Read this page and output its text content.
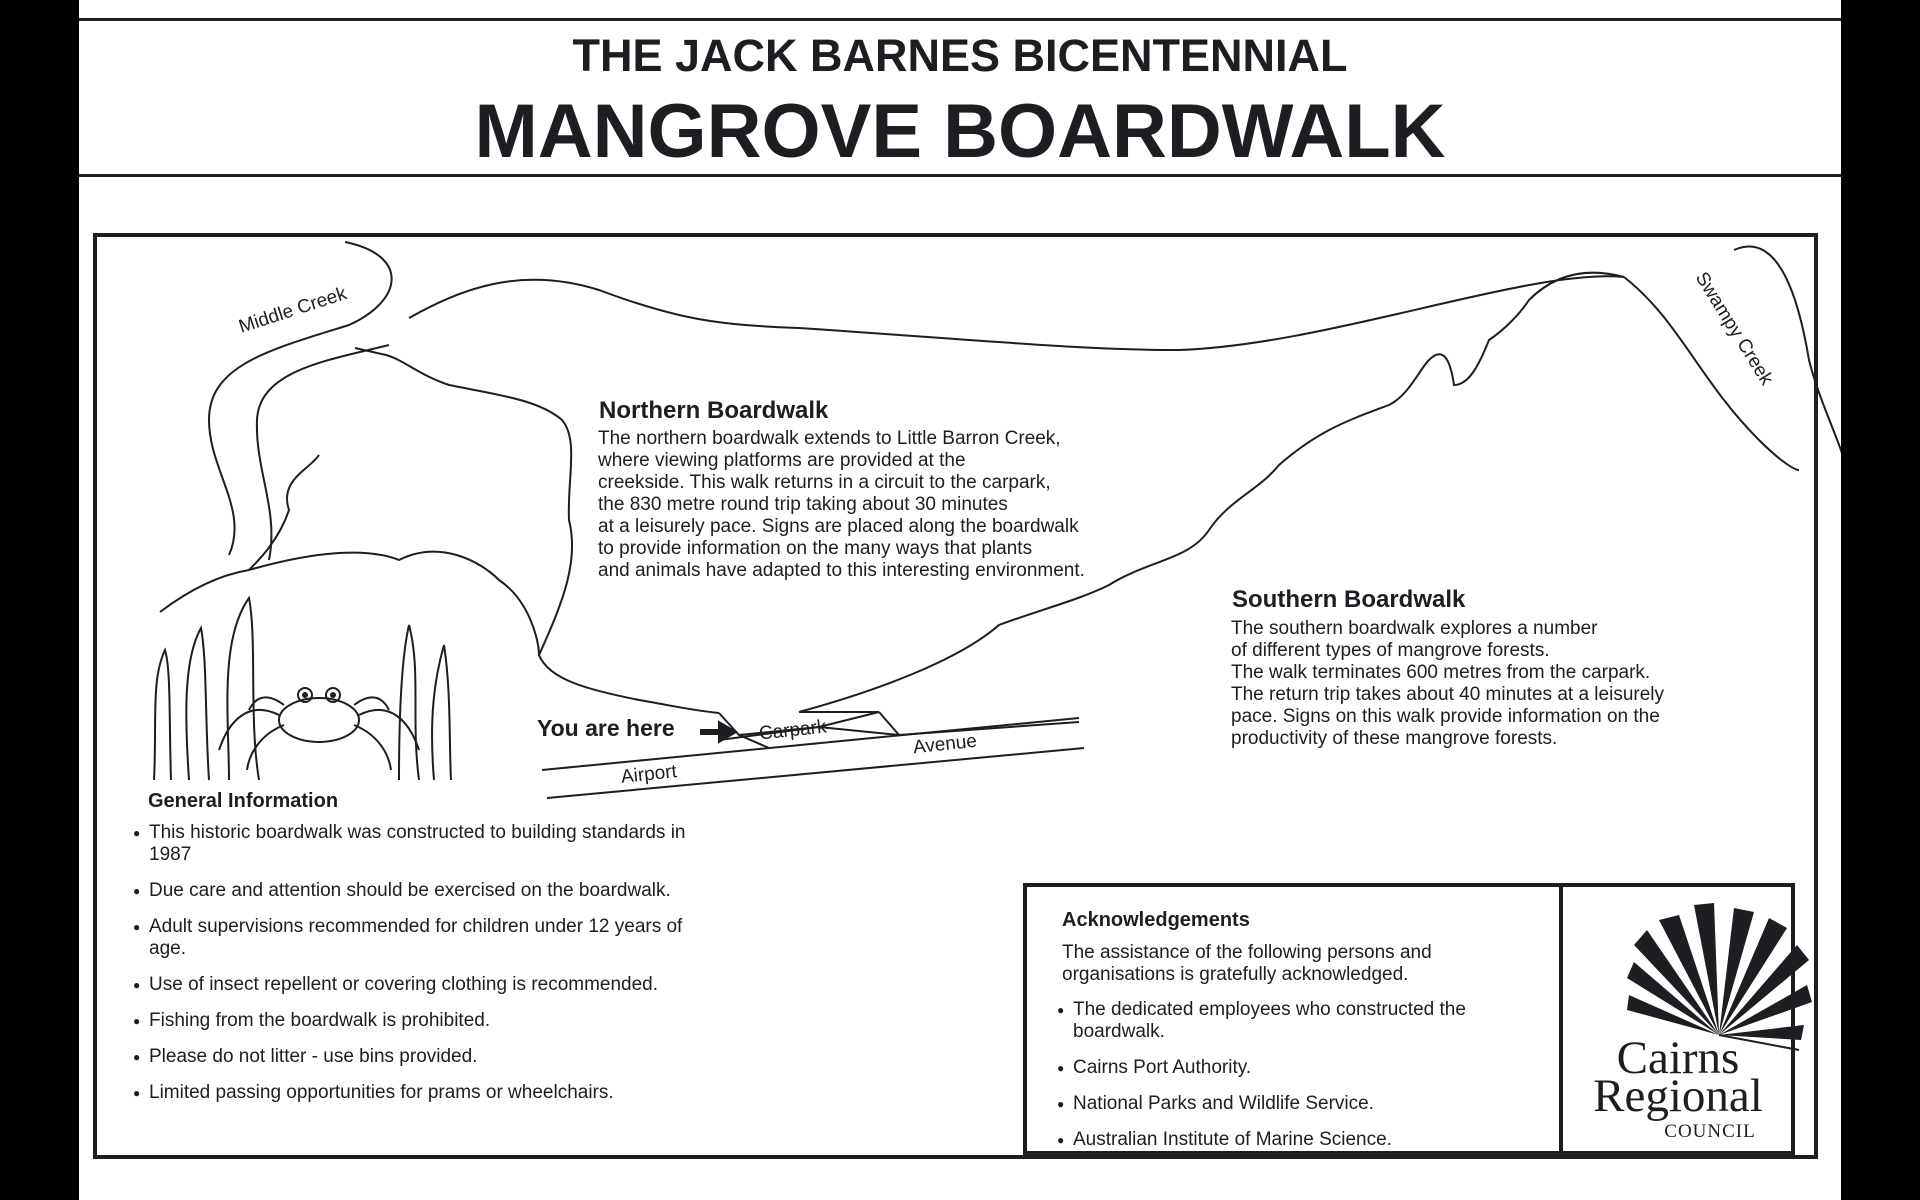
THE JACK BARNES BICENTENNIAL
MANGROVE BOARDWALK
Middle Creek	Swampy Creek
Carpark
Airport
Avenue
You are here
Northern Boardwalk
The northern boardwalk extends to Little Barron Creek,
where viewing platforms are provided at the
creekside. This walk returns in a circuit to the carpark,
the 830 metre round trip taking about 30 minutes
at a leisurely pace. Signs are placed along the boardwalk
to provide information on the many ways that plants
and animals have adapted to this interesting environment.
Southern Boardwalk
The southern boardwalk explores a number
of different types of mangrove forests.
The walk terminates 600 metres from the carpark.
The return trip takes about 40 minutes at a leisurely
pace. Signs on this walk provide information on the
productivity of these mangrove forests.
General Information
● This historic boardwalk was constructed to building standards in 1987
● Due care and attention should be exercised on the boardwalk.
● Adult supervisions recommended for children under 12 years of age.
● Use of insect repellent or covering clothing is recommended.
● Fishing from the boardwalk is prohibited.
● Please do not litter - use bins provided.
● Limited passing opportunities for prams or wheelchairs.
Acknowledgements
The assistance of the following persons and organisations is gratefully acknowledged.
● The dedicated employees who constructed the boardwalk.
● Cairns Port Authority.
● National Parks and Wildlife Service.
● Australian Institute of Marine Science.
Cairns
Regional
COUNCIL
